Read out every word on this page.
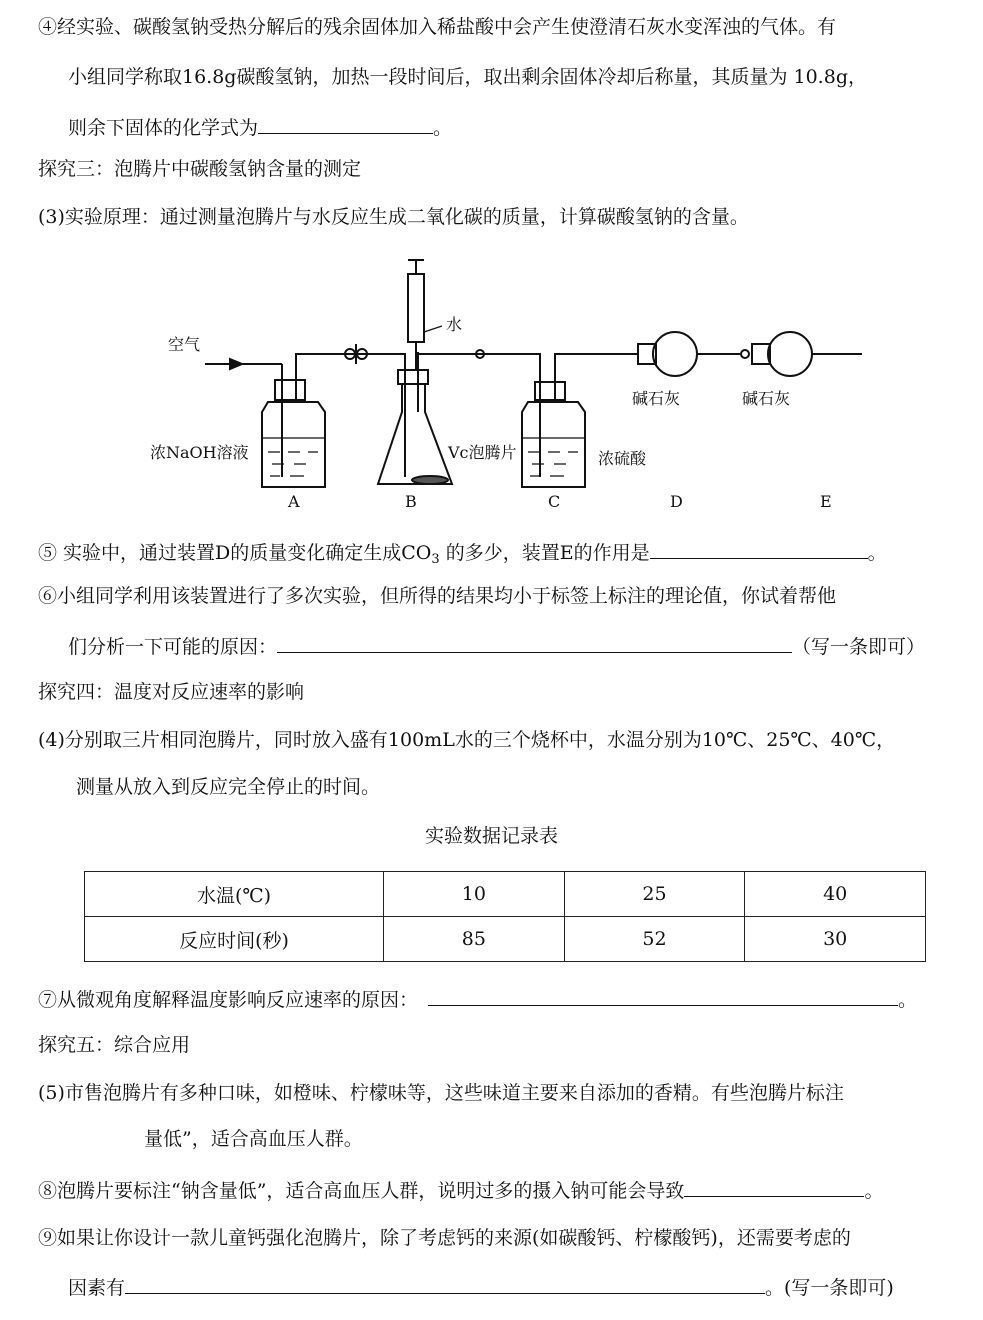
④经实验、碳酸氢钠受热分解后的残余固体加入稀盐酸中会产生使澄清石灰水变浑浊的气体。有
小组同学称取16.8g碳酸氢钠，加热一段时间后，取出剩余固体冷却后称量，其质量为 10.8g，
则余下固体的化学式为	。
探究三：泡腾片中碳酸氢钠含量的测定
(3)实验原理：通过测量泡腾片与水反应生成二氧化碳的质量，计算碳酸氢钠的含量。
空气
水
浓NaOH溶液	Vc泡腾片	浓硫酸
碱石灰	碱石灰
A	B	C	D	E
⑤ 实验中，通过装置D的质量变化确定生成$CO_3$ 的多少，装置E的作用是	。
⑥小组同学利用该装置进行了多次实验，但所得的结果均小于标签上标注的理论值，你试着帮他
们分析一下可能的原因：	（写一条即可）
探究四：温度对反应速率的影响
(4)分别取三片相同泡腾片，同时放入盛有100mL水的三个烧杯中，水温分别为10℃、25℃、40℃，
测量从放入到反应完全停止的时间。
实验数据记录表
水温(℃)	10	25	40
反应时间(秒)	85	52	30
⑦从微观角度解释温度影响反应速率的原因：	。
探究五：综合应用
(5)市售泡腾片有多种口味，如橙味、柠檬味等，这些味道主要来自添加的香精。有些泡腾片标注
量低”，适合高血压人群。
⑧泡腾片要标注“钠含量低”，适合高血压人群，说明过多的摄入钠可能会导致	。
⑨如果让你设计一款儿童钙强化泡腾片，除了考虑钙的来源(如碳酸钙、柠檬酸钙)，还需要考虑的
因素有	。(写一条即可)
